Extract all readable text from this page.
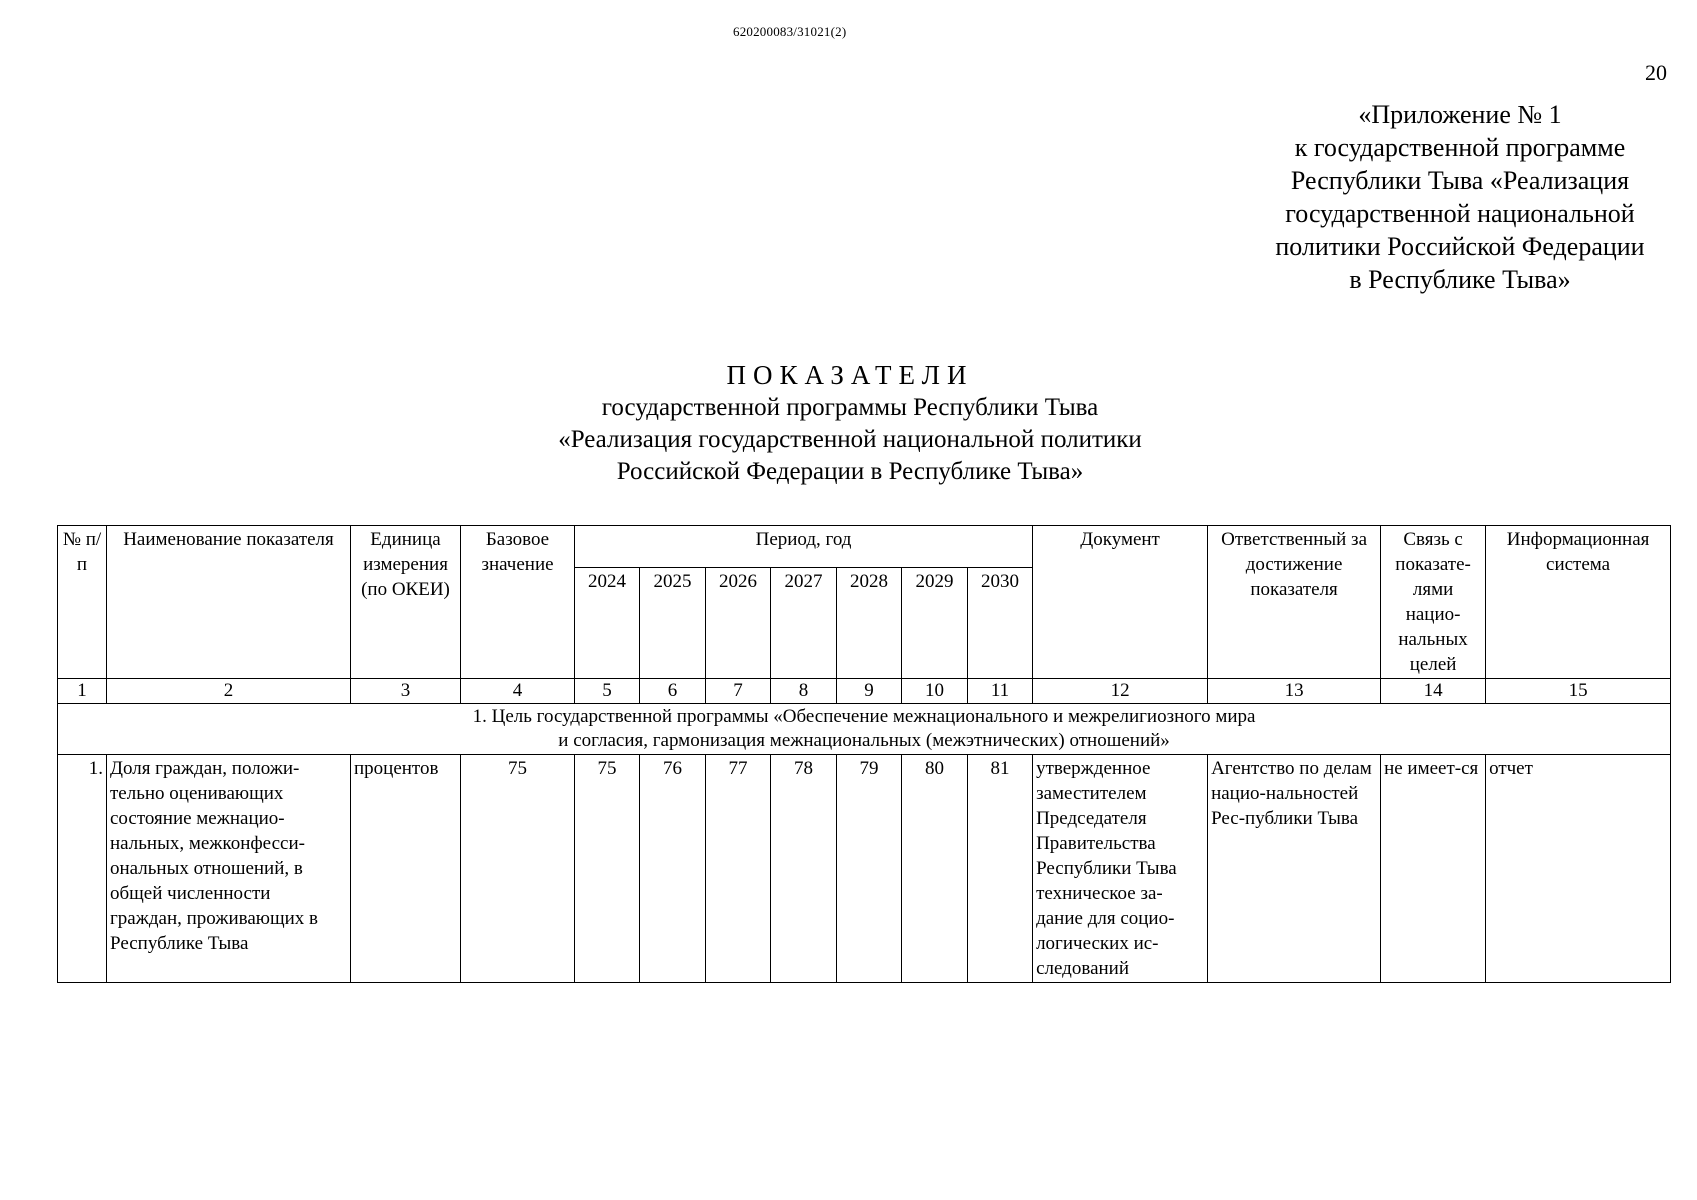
620200083/31021(2)
20
«Приложение № 1
к государственной программе
Республики Тыва «Реализация
государственной национальной
политики Российской Федерации
в Республике Тыва»
ПОКАЗАТЕЛИ
государственной программы Республики Тыва
«Реализация государственной национальной политики
Российской Федерации в Республике Тыва»
№ п/п	Наименование показателя	Единица измерения (по ОКЕИ)	Базовое значение	Период, год							Документ	Ответственный за достижение показателя	Связь с показате-лями нацио-нальных целей	Информационная система
				2024	2025	2026	2027	2028	2029	2030				
1	2	3	4	5	6	7	8	9	10	11	12	13	14	15

1. Цель государственной программы «Обеспечение межнационального и межрелигиозного мира
и согласия, гармонизация межнациональных (межэтнических) отношений»														

1.	Доля граждан, положи-тельно оценивающих состояние межнацио-нальных, межконфесси-ональных отношений, в общей численности граждан, проживающих в Республике Тыва	процентов	75	75	76	77	78	79	80	81	утвержденное заместителем Председателя Правительства Республики Тыва техническое за-дание для социо-логических ис-следований	Агентство по делам нацио-нальностей Рес-публики Тыва	не имеет-ся	отчет
